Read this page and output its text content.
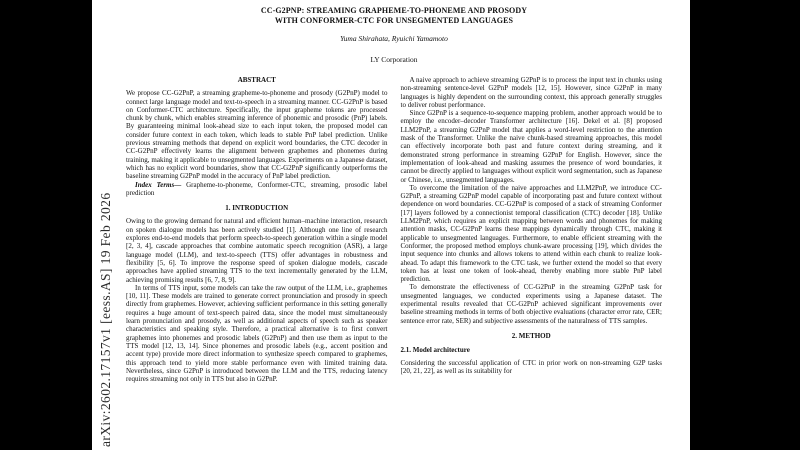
arXiv:2602.17157v1 [eess.AS] 19 Feb 2026
CC-G2PNP: STREAMING GRAPHEME-TO-PHONEME AND PROSODY
WITH CONFORMER-CTC FOR UNSEGMENTED LANGUAGES
Yuma Shirahata, Ryuichi Yamamoto
LY Corporation
ABSTRACT

We propose CC-G2PnP, a streaming grapheme-to-phoneme and prosody (G2PnP) model to connect large language model and text-to-speech in a streaming manner. CC-G2PnP is based on Conformer-CTC architecture. Specifically, the input grapheme tokens are processed chunk by chunk, which enables streaming inference of phonemic and prosodic (PnP) labels. By guaranteeing minimal look-ahead size to each input token, the proposed model can consider future context in each token, which leads to stable PnP label prediction. Unlike previous streaming methods that depend on explicit word boundaries, the CTC decoder in CC-G2PnP effectively learns the alignment between graphemes and phonemes during training, making it applicable to unsegmented languages. Experiments on a Japanese dataset, which has no explicit word boundaries, show that CC-G2PnP significantly outperforms the baseline streaming G2PnP model in the accuracy of PnP label prediction.

Index Terms— Grapheme-to-phoneme, Conformer-CTC, streaming, prosodic label prediction

1. INTRODUCTION

Owing to the growing demand for natural and efficient human–machine interaction, research on spoken dialogue models has been actively studied [1]. Although one line of research explores end-to-end models that perform speech-to-speech generation within a single model [2, 3, 4], cascade approaches that combine automatic speech recognition (ASR), a large language model (LLM), and text-to-speech (TTS) offer advantages in robustness and flexibility [5, 6]. To improve the response speed of spoken dialogue models, cascade approaches have applied streaming TTS to the text incrementally generated by the LLM, achieving promising results [6, 7, 8, 9].

In terms of TTS input, some models can take the raw output of the LLM, i.e., graphemes [10, 11]. These models are trained to generate correct pronunciation and prosody in speech directly from graphemes. However, achieving sufficient performance in this setting generally requires a huge amount of text-speech paired data, since the model must simultaneously learn pronunciation and prosody, as well as additional aspects of speech such as speaker characteristics and speaking style. Therefore, a practical alternative is to first convert graphemes into phonemes and prosodic labels (G2PnP) and then use them as input to the TTS model [12, 13, 14]. Since phonemes and prosodic labels (e.g., accent position and accent type) provide more direct information to synthesize speech compared to graphemes, this approach tend to yield more stable performance even with limited training data. Nevertheless, since G2PnP is introduced between the LLM and the TTS, reducing latency requires streaming not only in TTS but also in G2PnP.

A naive approach to achieve streaming G2PnP is to process the input text in chunks using non-streaming sentence-level G2PnP models [12, 15]. However, since G2PnP in many languages is highly dependent on the surrounding context, this approach generally struggles to deliver robust performance.

Since G2PnP is a sequence-to-sequence mapping problem, another approach would be to employ the encoder–decoder Transformer architecture [16]. Dekel et al. [8] proposed LLM2PnP, a streaming G2PnP model that applies a word-level restriction to the attention mask of the Transformer. Unlike the naive chunk-based streaming approaches, this model can effectively incorporate both past and future context during streaming, and it demonstrated strong performance in streaming G2PnP for English. However, since the implementation of look-ahead and masking assumes the presence of word boundaries, it cannot be directly applied to languages without explicit word segmentation, such as Japanese or Chinese, i.e., unsegmented languages.

To overcome the limitation of the naive approaches and LLM2PnP, we introduce CC-G2PnP, a streaming G2PnP model capable of incorporating past and future context without dependence on word boundaries. CC-G2PnP is composed of a stack of streaming Conformer [17] layers followed by a connectionist temporal classification (CTC) decoder [18]. Unlike LLM2PnP, which requires an explicit mapping between words and phonemes for making attention masks, CC-G2PnP learns these mappings dynamically through CTC, making it applicable to unsegmented languages. Furthermore, to enable efficient streaming with the Conformer, the proposed method employs chunk-aware processing [19], which divides the input sequence into chunks and allows tokens to attend within each chunk to realize look-ahead. To adapt this framework to the CTC task, we further extend the model so that every token has at least one token of look-ahead, thereby enabling more stable PnP label prediction.

To demonstrate the effectiveness of CC-G2PnP in the streaming G2PnP task for unsegmented languages, we conducted experiments using a Japanese dataset. The experimental results revealed that CC-G2PnP achieved significant improvements over baseline streaming methods in terms of both objective evaluations (character error rate, CER; sentence error rate, SER) and subjective assessments of the naturalness of TTS samples.

2. METHOD
2.1. Model architecture

Considering the successful application of CTC in prior work on non-streaming G2P tasks [20, 21, 22], as well as its suitability for
